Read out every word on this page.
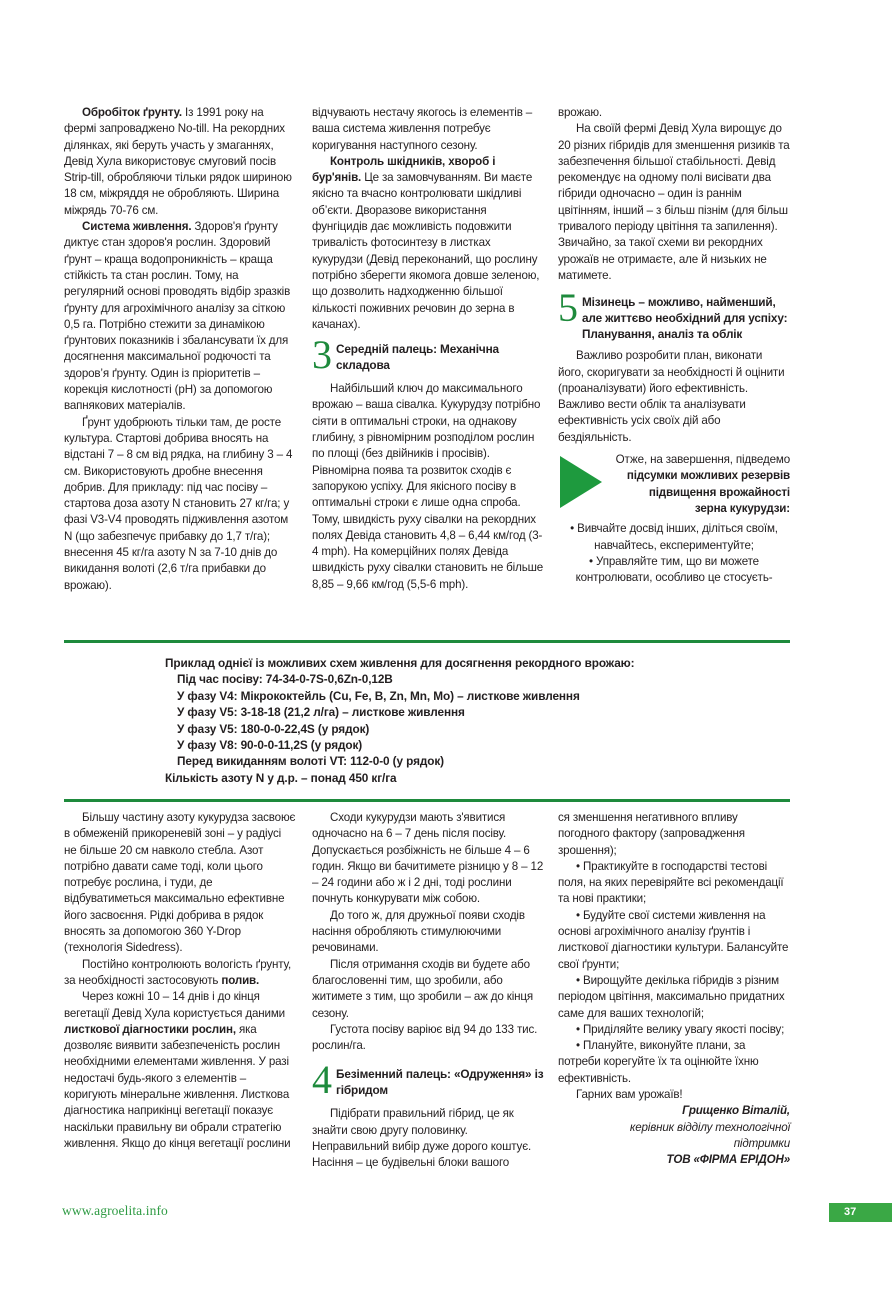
Обробіток ґрунту. Із 1991 року на фермі запроваджено No-till. На рекордних ділянках, які беруть участь у змаганнях, Девід Хула використовує смуговий посів Strip-till, обробляючи тільки рядок шириною 18 см, міжряддя не обробляють. Ширина міжрядь 70-76 см.

Система живлення. Здоров'я ґрунту диктує стан здоров'я рослин. Здоровий ґрунт – краща водопроникність – краща стійкість та стан рослин. Тому, на регулярний основі проводять відбір зразків ґрунту для агрохімічного аналізу за сіткою 0,5 га. Потрібно стежити за динамікою ґрунтових показників і збалансувати їх для досягнення максимальної родючості та здоров’я ґрунту. Один із пріоритетів – корекція кислотності (pH) за допомогою вапнякових матеріалів.

Ґрунт удобрюють тільки там, де росте культура. Стартові добрива вносять на відстані 7 – 8 см від рядка, на глибину 3 – 4 см. Використовують дробне внесення добрив. Для прикладу: під час посіву – стартова доза азоту N становить 27 кг/га; у фазі V3-V4 проводять підживлення азотом N (що забезпечує прибавку до 1,7 т/га); внесення 45 кг/га азоту N за 7-10 днів до викидання волоті (2,6 т/га прибавки до врожаю).

відчувають нестачу якогось із елементів – ваша система живлення потребує коригування наступного сезону.

Контроль шкідників, хвороб і бур'янів. Це за замовчуванням. Ви маєте якісно та вчасно контролювати шкідливі об’єкти. Дворазове використання фунгіцидів дає можливість подовжити тривалість фотосинтезу в листках кукурудзи (Девід переконаний, що рослину потрібно зберегти якомога довше зеленою, що дозволить надходженню більшої кількості поживних речовин до зерна в качанах).

3 Середній палець: Механічна складова

Найбільший ключ до максимального врожаю – ваша сівалка. Кукурудзу потрібно сіяти в оптимальні строки, на однакову глибину, з рівномірним розподілом рослин по площі (без двійників і просівів). Рівномірна поява та розвиток сходів є запорукою успіху. Для якісного посіву в оптимальні строки є лише одна спроба. Тому, швидкість руху сівалки на рекордних полях Девіда становить 4,8 – 6,44 км/год (3-4 mph). На комерційних полях Девіда швидкість руху сівалки становить не більше 8,85 – 9,66 км/год (5,5-6 mph).

врожаю.

На своїй фермі Девід Хула вирощує до 20 різних гібридів для зменшення ризиків та забезпечення більшої стабільності. Девід рекомендує на одному полі висівати два гібриди одночасно – один із раннім цвітінням, інший – з більш пізнім (для більш тривалого періоду цвітіння та запилення). Звичайно, за такої схеми ви рекордних урожаїв не отримаєте, але й низьких не матимете.

5 Мізинець – можливо, найменший, але життєво необхідний для успіху: Планування, аналіз та облік

Важливо розробити план, виконати його, скоригувати за необхідності й оцінити (проаналізувати) його ефективність. Важливо вести облік та аналізувати ефективність усіх своїх дій або бездіяльність.

Отже, на завершення, підведемо підсумки можливих резервів підвищення врожайності зерна кукурудзи:

• Вивчайте досвід інших, діліться своїм, навчайтесь, експериментуйте;

• Управляйте тим, що ви можете контролювати, особливо це стосуєть-

Приклад однієї із можливих схем живлення для досягнення рекордного врожаю:
Під час посіву: 74-34-0-7S-0,6Zn-0,12B
У фазу V4: Мікрококтейль (Cu, Fe, B, Zn, Mn, Mo) – листкове живлення
У фазу V5: 3-18-18 (21,2 л/га) – листкове живлення
У фазу V5: 180-0-0-22,4S (у рядок)
У фазу V8: 90-0-0-11,2S (у рядок)
Перед викиданням волоті VT: 112-0-0 (у рядок)
Кількість азоту N у д.р. – понад 450 кг/га

Більшу частину азоту кукурудза засвоює в обмеженій прикореневій зоні – у радіусі не більше 20 см навколо стебла. Азот потрібно давати саме тоді, коли цього потребує рослина, і туди, де відбуватиметься максимально ефективне його засвоєння. Рідкі добрива в рядок вносять за допомогою 360 Y-Drop (технологія Sidedress).

Постійно контролюють вологість ґрунту, за необхідності застосовують полив.

Через кожні 10 – 14 днів і до кінця вегетації Девід Хула користується даними листкової діагностики рослин, яка дозволяє виявити забезпеченість рослин необхідними елементами живлення. У разі недостачі будь-якого з елементів – коригують мінеральне живлення. Листкова діагностика наприкінці вегетації показує наскільки правильну ви обрали стратегію живлення. Якщо до кінця вегетації рослини

Сходи кукурудзи мають з'явитися одночасно на 6 – 7 день після посіву. Допускається розбіжність не більше 4 – 6 годин. Якщо ви бачитимете різницю у 8 – 12 – 24 години або ж і 2 дні, тоді рослини почнуть конкурувати між собою.

До того ж, для дружньої появи сходів насіння обробляють стимулюючими речовинами.

Після отримання сходів ви будете або благословенні тим, що зробили, або житимете з тим, що зробили – аж до кінця сезону.

Густота посіву варіює від 94 до 133 тис. рослин/га.

4 Безіменний палець: «Одруження» із гібридом

Підібрати правильний гібрид, це як знайти свою другу половинку. Неправильний вибір дуже дорого коштує. Насіння – це будівельні блоки вашого

ся зменшення негативного впливу погодного фактору (запровадження зрошення);

• Практикуйте в господарстві тестові поля, на яких перевіряйте всі рекомендації та нові практики;

• Будуйте свої системи живлення на основі агрохімічного аналізу ґрунтів і листкової діагностики культури. Балансуйте свої ґрунти;

• Вирощуйте декілька гібридів з різним періодом цвітіння, максимально придатних саме для ваших технологій;

• Приділяйте велику увагу якості посіву;

• Плануйте, виконуйте плани, за потреби корегуйте їх та оцінюйте їхню ефективність.

Гарних вам урожаїв!

Грищенко Віталій,

керівник відділу технологічної

підтримки

ТОВ «ФІРМА ЕРІДОН»

www.agroelita.info	37
